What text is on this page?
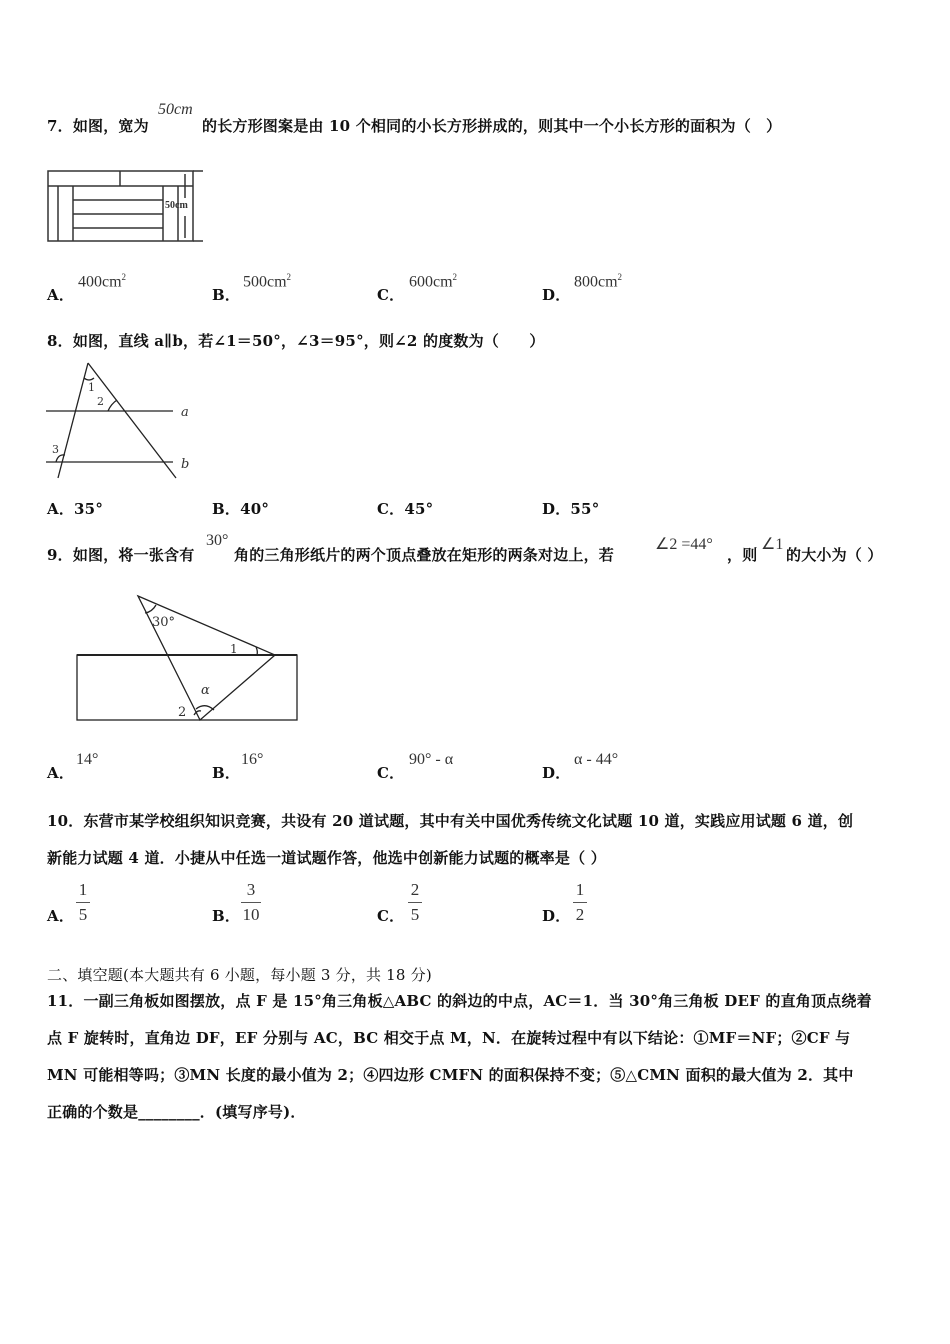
7．如图，宽为
50cm
的长方形图案是由 10 个相同的小长方形拼成的，则其中一个小长方形的面积为（　）
50cm
A．
$400cm^2$
B．
$500cm^2$
C．
$600cm^2$
D．
$800cm^2$
8．如图，直线 a∥b，若∠1＝50°，∠3＝95°，则∠2 的度数为（　　）
a
b
1
2
3
A．35°	B．40°	C．45°	D．55°
9．如图，将一张含有
30°
角的三角形纸片的两个顶点叠放在矩形的两条对边上，若
∠2 =44°
，则
∠1
的大小为（ ）
30°
1
α
2
A．
14°
B．
16°
C．
90° - α
D．
α - 44°
10．东营市某学校组织知识竞赛，共设有 20 道试题，其中有关中国优秀传统文化试题 10 道，实践应用试题 6 道，创
新能力试题 4 道．小捷从中任选一道试题作答，他选中创新能力试题的概率是（ ）
A．
1
5	B．
3
10	C．
2
5	D．
1
2
二、填空题(本大题共有 6 小题，每小题 3 分，共 18 分)
11．一副三角板如图摆放，点 F 是 15°角三角板△ABC 的斜边的中点，AC＝1．当 30°角三角板 DEF 的直角顶点绕着
点 F 旋转时，直角边 DF，EF 分别与 AC，BC 相交于点 M，N．在旋转过程中有以下结论：①MF＝NF；②CF 与
MN 可能相等吗；③MN 长度的最小值为 2；④四边形 CMFN 的面积保持不变；⑤△CMN 面积的最大值为 2．其中
正确的个数是________．(填写序号)．
